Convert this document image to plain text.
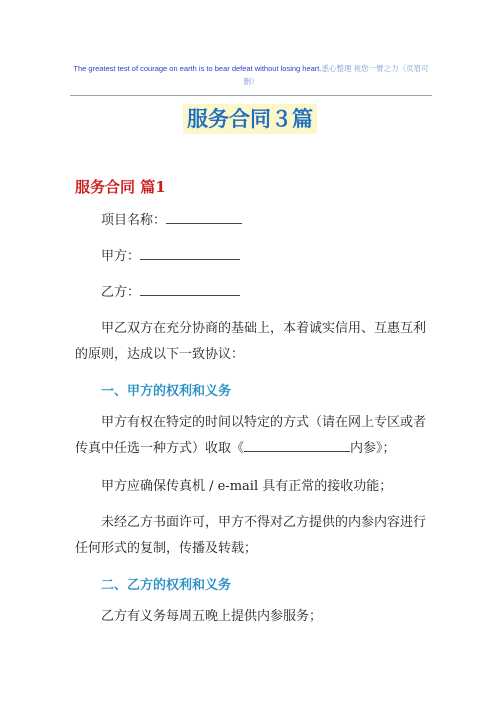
The greatest test of courage on earth is to bear defeat without losing heart.悉心整理 祝您一臂之力（页眉可删）
服务合同３篇
服务合同 篇1
项目名称：
甲方：
乙方：
甲乙双方在充分协商的基础上，本着诚实信用、互惠互利的原则，达成以下一致协议：
一、甲方的权利和义务
甲方有权在特定的时间以特定的方式（请在网上专区或者传真中任选一种方式）收取《	内参》；
甲方应确保传真机 / e-mail 具有正常的接收功能；
未经乙方书面许可，甲方不得对乙方提供的内参内容进行任何形式的复制，传播及转载；
二、乙方的权利和义务
乙方有义务每周五晚上提供内参服务；
